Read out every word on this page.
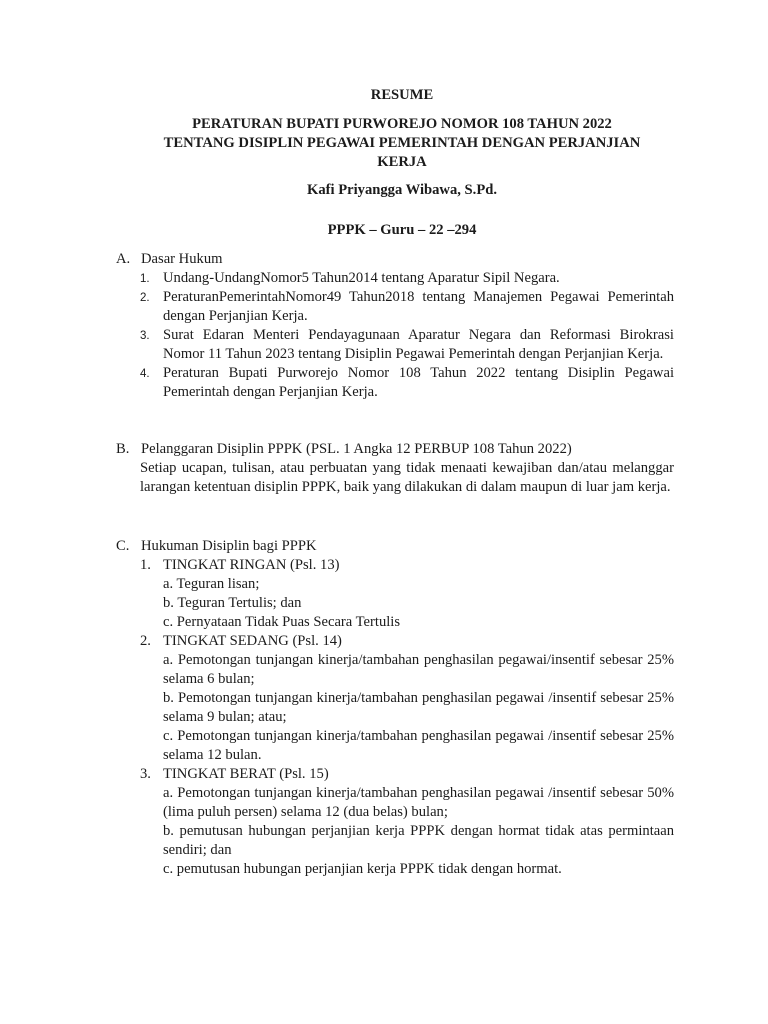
RESUME
PERATURAN BUPATI PURWOREJO NOMOR 108 TAHUN 2022
TENTANG DISIPLIN PEGAWAI PEMERINTAH DENGAN PERJANJIAN
KERJA
Kafi Priyangga Wibawa, S.Pd.
PPPK – Guru – 22 –294
A. Dasar Hukum
1. Undang-UndangNomor5 Tahun2014 tentang Aparatur Sipil Negara.
2. PeraturanPemerintahNomor49 Tahun2018 tentang Manajemen Pegawai Pemerintah dengan Perjanjian Kerja.
3. Surat Edaran Menteri Pendayagunaan Aparatur Negara dan Reformasi Birokrasi Nomor 11 Tahun 2023 tentang Disiplin Pegawai Pemerintah dengan Perjanjian Kerja.
4. Peraturan Bupati Purworejo Nomor 108 Tahun 2022 tentang Disiplin Pegawai Pemerintah dengan Perjanjian Kerja.
B. Pelanggaran Disiplin PPPK (PSL. 1 Angka 12 PERBUP 108 Tahun 2022)
Setiap ucapan, tulisan, atau perbuatan yang tidak menaati kewajiban dan/atau melanggar larangan ketentuan disiplin PPPK, baik yang dilakukan di dalam maupun di luar jam kerja.
C. Hukuman Disiplin bagi PPPK
1. TINGKAT RINGAN (Psl. 13)
a. Teguran lisan;
b. Teguran Tertulis; dan
c. Pernyataan Tidak Puas Secara Tertulis
2. TINGKAT SEDANG (Psl. 14)
a. Pemotongan tunjangan kinerja/tambahan penghasilan pegawai/insentif sebesar 25% selama 6 bulan;
b. Pemotongan tunjangan kinerja/tambahan penghasilan pegawai /insentif sebesar 25% selama 9 bulan; atau;
c. Pemotongan tunjangan kinerja/tambahan penghasilan pegawai /insentif sebesar 25% selama 12 bulan.
3. TINGKAT BERAT (Psl. 15)
a. Pemotongan tunjangan kinerja/tambahan penghasilan pegawai /insentif sebesar 50% (lima puluh persen) selama 12 (dua belas) bulan;
b. pemutusan hubungan perjanjian kerja PPPK dengan hormat tidak atas permintaan sendiri; dan
c. pemutusan hubungan perjanjian kerja PPPK tidak dengan hormat.
